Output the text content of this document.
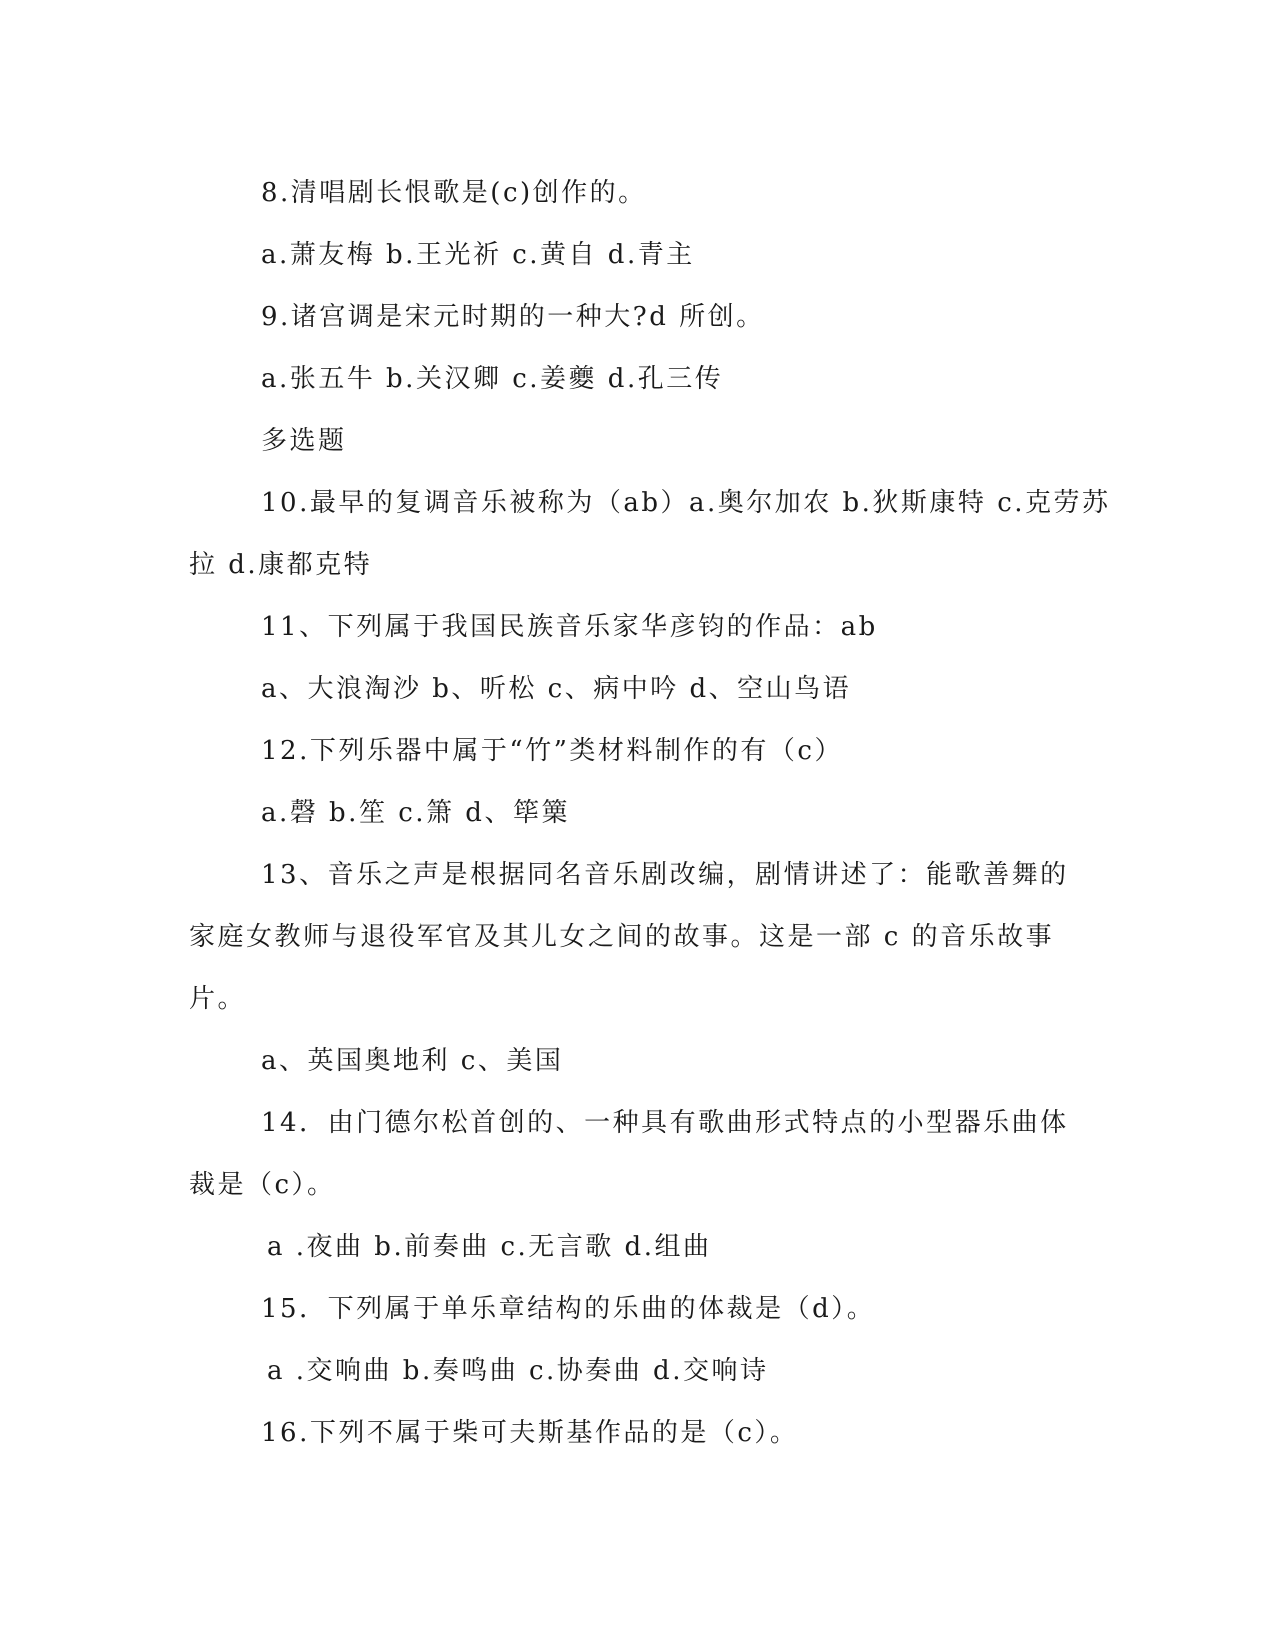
8.清唱剧长恨歌是(c)创作的。
a.萧友梅 b.王光祈 c.黄自 d.青主
9.诸宫调是宋元时期的一种大?d 所创。
a.张五牛 b.关汉卿 c.姜夔 d.孔三传
多选题
10.最早的复调音乐被称为（ab）a.奥尔加农 b.狄斯康特 c.克劳苏
拉 d.康都克特
11、下列属于我国民族音乐家华彦钧的作品：ab
a、大浪淘沙 b、听松 c、病中吟 d、空山鸟语
12.下列乐器中属于“竹”类材料制作的有（c）
a.磬 b.笙 c.箫 d、筚篥
13、音乐之声是根据同名音乐剧改编，剧情讲述了：能歌善舞的
家庭女教师与退役军官及其儿女之间的故事。这是一部 c 的音乐故事
片。
a、英国奥地利 c、美国
14．由门德尔松首创的、一种具有歌曲形式特点的小型器乐曲体
裁是（c）。
a .夜曲 b.前奏曲 c.无言歌 d.组曲
15．下列属于单乐章结构的乐曲的体裁是（d）。
a .交响曲 b.奏鸣曲 c.协奏曲 d.交响诗
16.下列不属于柴可夫斯基作品的是（c）。
